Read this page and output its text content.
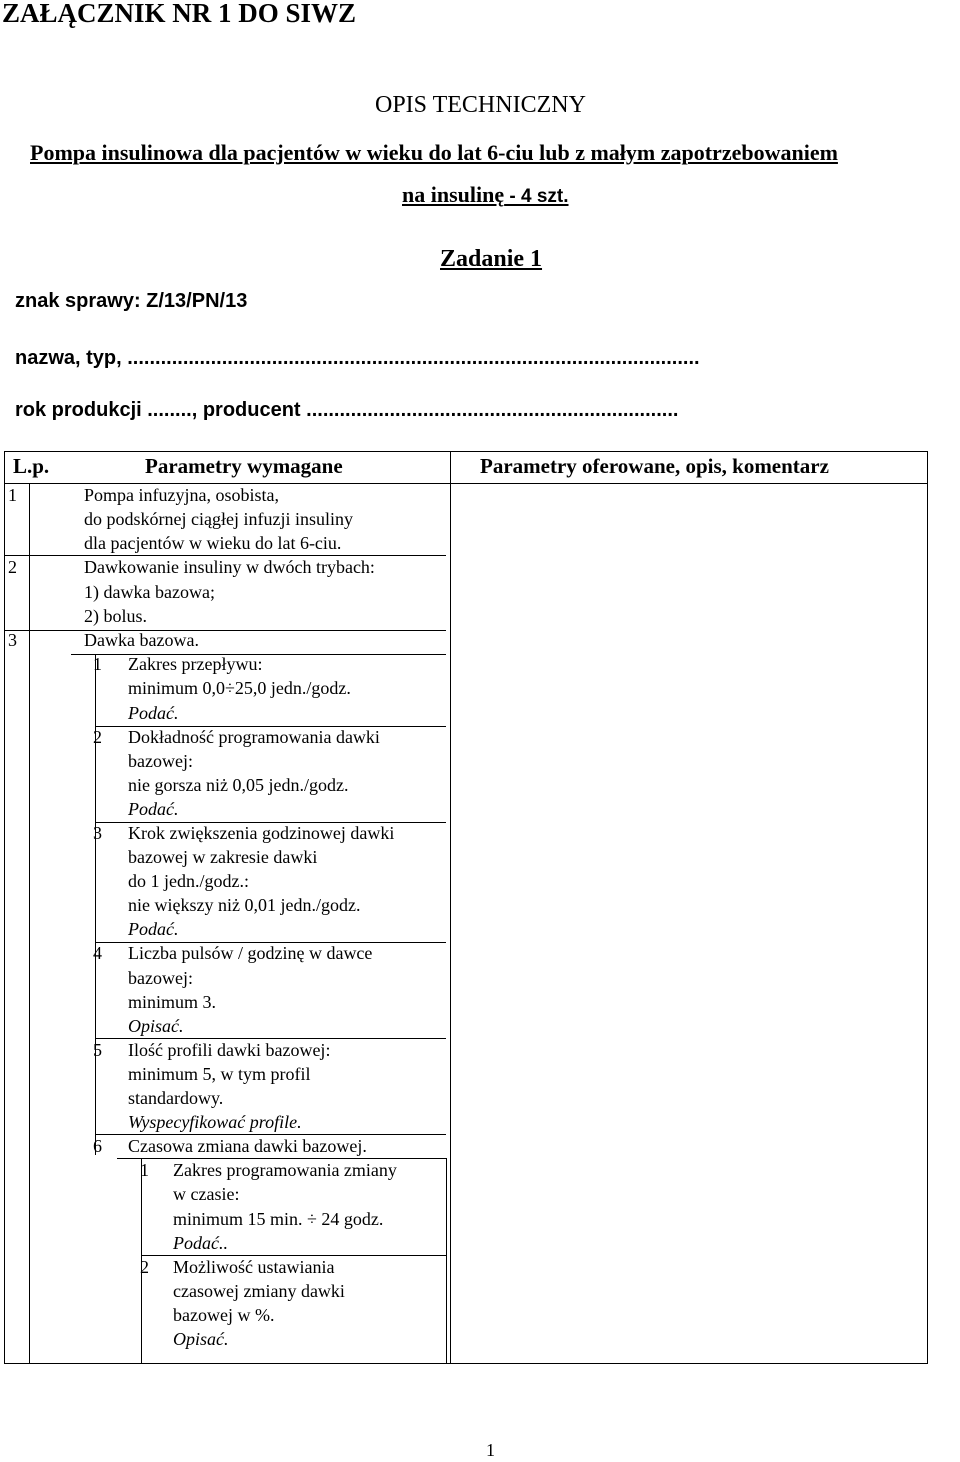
ZAŁĄCZNIK NR 1 DO SIWZ
OPIS TECHNICZNY
Pompa insulinowa dla pacjentów w wieku do lat 6-ciu lub z małym zapotrzebowaniem
na insulinę - 4 szt.
Zadanie 1
znak sprawy: Z/13/PN/13
nazwa, typ, .......................................................................................................
rok produkcji ........, producent ...................................................................
L.p.	Parametry wymagane	Parametry oferowane, opis, komentarz
1	Pompa infuzyjna, osobista,
do podskórnej ciągłej infuzji insuliny
dla pacjentów w wieku do lat 6-ciu.
2	Dawkowanie insuliny w dwóch trybach:
1) dawka bazowa;
2) bolus.
3	Dawka bazowa.
1 Zakres przepływu:
minimum 0,0÷25,0 jedn./godz.
Podać.
2 Dokładność programowania dawki
bazowej:
nie gorsza niż 0,05 jedn./godz.
Podać.
3 Krok zwiększenia godzinowej dawki
bazowej w zakresie dawki
do 1 jedn./godz.:
nie większy niż 0,01 jedn./godz.
Podać.
4 Liczba pulsów / godzinę w dawce
bazowej:
minimum 3.
Opisać.
5 Ilość profili dawki bazowej:
minimum 5, w tym profil
standardowy.
Wyspecyfikować profile.
6 Czasowa zmiana dawki bazowej.
1 Zakres programowania zmiany
w czasie:
minimum 15 min. ÷ 24 godz.
Podać..
2 Możliwość ustawiania
czasowej zmiany dawki
bazowej w %.
Opisać.
1
